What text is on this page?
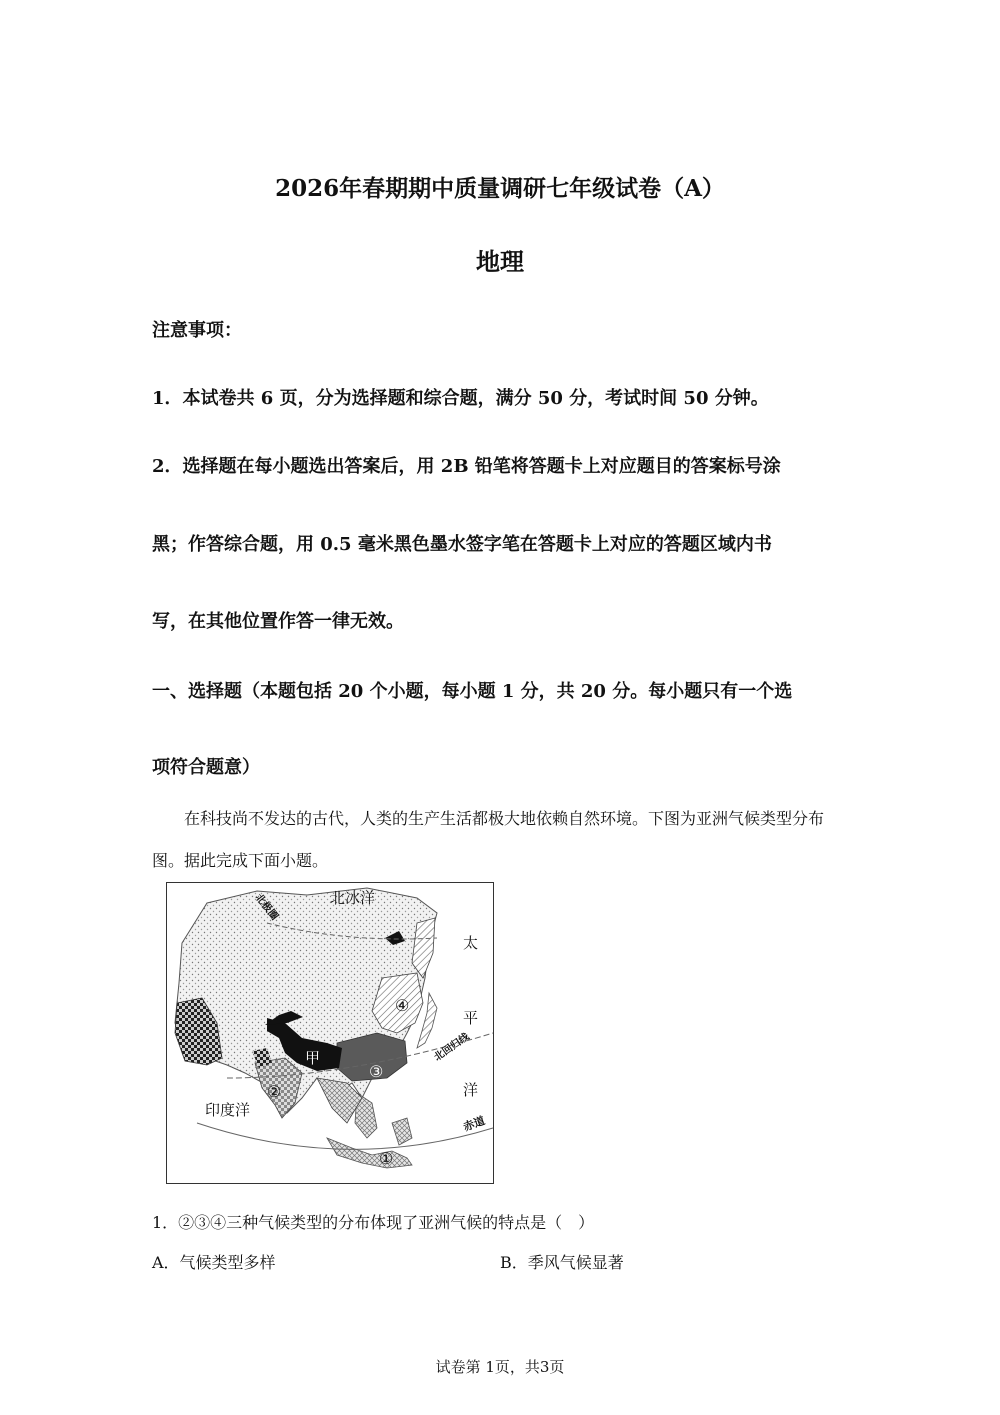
2026年春期期中质量调研七年级试卷（A）
地理
注意事项：
1．本试卷共 6 页，分为选择题和综合题，满分 50 分，考试时间 50 分钟。
2．选择题在每小题选出答案后，用 2B 铅笔将答题卡上对应题目的答案标号涂
黑；作答综合题，用 0.5 毫米黑色墨水签字笔在答题卡上对应的答题区域内书
写，在其他位置作答一律无效。
一、选择题（本题包括 20 个小题，每小题 1 分，共 20 分。每小题只有一个选
项符合题意）
在科技尚不发达的古代，人类的生产生活都极大地依赖自然环境。下图为亚洲气候类型分布图。据此完成下面小题。
北冰洋
北极圈
太
平
洋
北回归线
赤道
印度洋
甲
①
②
③
④
1．②③④三种气候类型的分布体现了亚洲气候的特点是（　）
A．气候类型多样	B．季风气候显著
试卷第 1页，共3页
